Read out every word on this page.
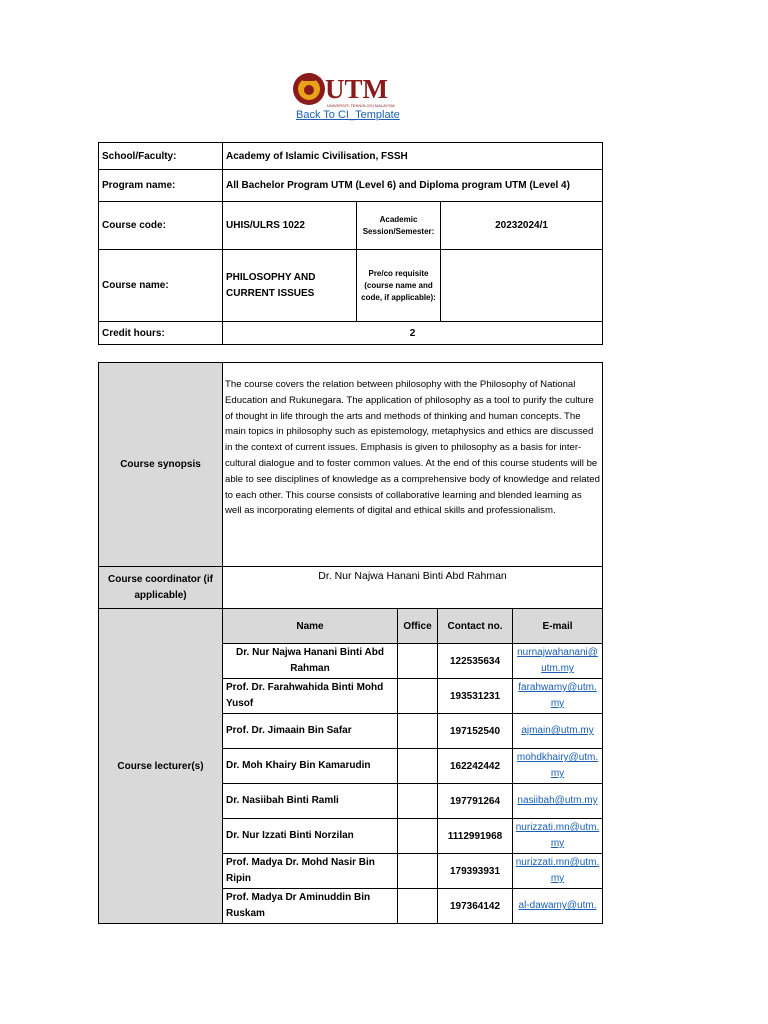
UTM
UNIVERSITI TEKNOLOGI MALAYSIA
Back To CI_Template
School/Faculty:	Academy of Islamic Civilisation, FSSH		
Program name:	All Bachelor Program UTM (Level 6) and Diploma program UTM (Level 4)		
Course code:	UHIS/ULRS 1022	Academic Session/Semester:	20232024/1
Course name:	PHILOSOPHY AND CURRENT ISSUES	Pre/co requisite (course name and code, if applicable):	
Credit hours:	2		
Course synopsis	The course covers the relation between philosophy with the Philosophy of National Education and Rukunegara. The application of philosophy as a tool to purify the culture of thought in life through the arts and methods of thinking and human concepts. The main topics in philosophy such as epistemology, metaphysics and ethics are discussed in the context of current issues. Emphasis is given to philosophy as a basis for inter-cultural dialogue and to foster common values. At the end of this course students will be able to see disciplines of knowledge as a comprehensive body of knowledge and related to each other. This course consists of collaborative learning and blended learning as well as incorporating elements of digital and ethical skills and professionalism.			
Course coordinator (if applicable)	Dr. Nur Najwa Hanani Binti Abd Rahman			
Course lecturer(s)	Name	Office	Contact no.	E-mail
	Dr. Nur Najwa Hanani Binti Abd Rahman		122535634	nurnajwahanani@utm.my
	Prof. Dr. Farahwahida Binti Mohd Yusof		193531231	farahwamy@utm.my
	Prof. Dr. Jimaain Bin Safar		197152540	ajmain@utm.my
	Dr. Moh Khairy Bin Kamarudin		162242442	mohdkhairy@utm.my
	Dr. Nasiibah Binti Ramli		197791264	nasiibah@utm.my
	Dr. Nur Izzati Binti Norzilan		1112991968	nurizzati.mn@utm.my
	Prof. Madya Dr. Mohd Nasir Bin Ripin		179393931	nurizzati.mn@utm.my
	Prof. Madya Dr Aminuddin Bin Ruskam		197364142	al-dawamy@utm.
